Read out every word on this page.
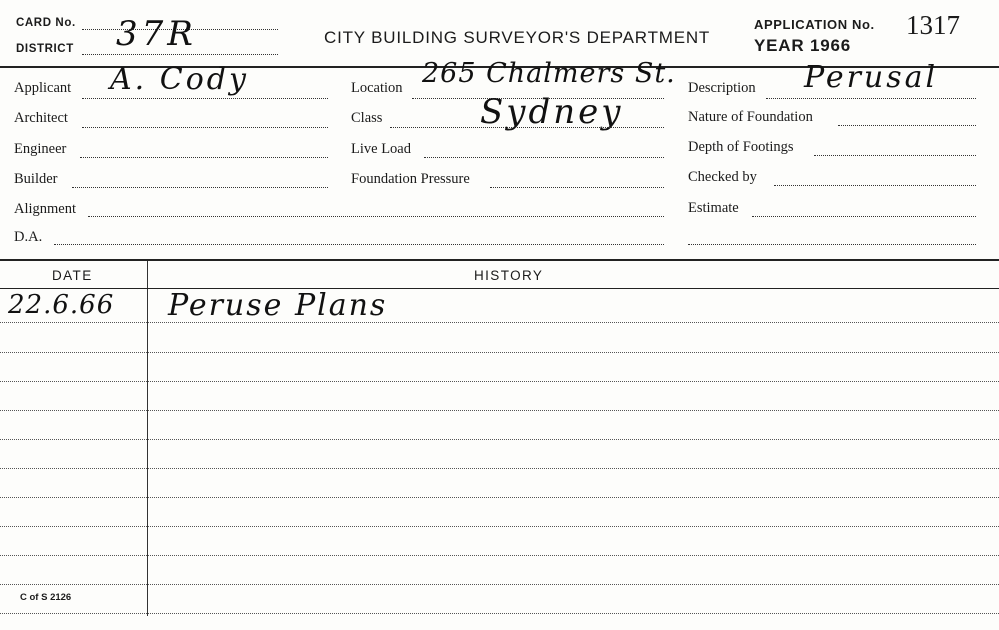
CARD No.
DISTRICT 37R	CITY BUILDING SURVEYOR'S DEPARTMENT
APPLICATION No. 1317
YEAR 1966
Applicant A. Cody
Architect
Engineer
Builder
Alignment
D.A.
Location 265 Chalmers St.
Sydney
Class
Live Load
Foundation Pressure
Description Perusal
Nature of Foundation
Depth of Footings
Checked by
Estimate
DATE	HISTORY
22.6.66 Peruse Plans
C of S 2126
